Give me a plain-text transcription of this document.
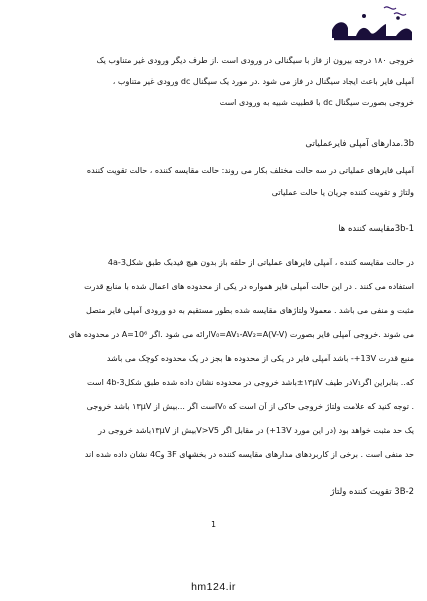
خروجی ۱۸۰ درجه بیرون از فاز با سیگنالی در ورودی است .از طرف دیگر ورودی غیر متناوب یک
آمپلی فایر باعث ایجاد سیگنال در فاز می شود .در مورد یک سیگنال dc ورودی غیر متناوب ،
خروجی بصورت سیگنال dc با قطبیت شبیه به ورودی است
3b.مدارهای آمپلی فایرعملیاتی
آمپلی فایرهای عملیاتی در سه حالت مختلف بکار می روند: حالت مقایسه کننده ، حالت تقویت کننده
ولتاژ و تقویت کننده جریان یا حالت عملیاتی
3b-1مقایسه کننده ها
در حالت مقایسه کننده ، آمپلی فایرهای عملیاتی از حلقه باز بدون هیچ فیدبک طبق شکل3-4a
استفاده می کنند . در این حالت آمپلی فایر همواره در یکی از محدوده های اعمال شده با منابع قدرت
مثبت و منفی می باشد . معمولا ولتاژهای مقایسه شده بطور مستقیم به دو ورودی آمپلی فایر متصل
می شوند .خروجی آمپلی فایر بصورت (V₀=AV₁-AV₂=A(V-Vارائه می شود .اگر A=10⁶ در محدوده های
منبع قدرت 13V+- باشد آمپلی فایر در یکی از محدوده ها بجز در یک محدوده کوچک می باشد
که.. بنابراین اگرV₁در طیف ۱۳μV±باشد خروجی در محدوده نشان داده شده طبق شکل3-4b است
. توجه کنید که علامت ولتاژ خروجی حاکی از آن است که V₀است اگر ...بیش از ۱۳μV باشد خروجی
یک حد مثبت خواهد بود (در این مورد 13V+) در مقابل اگر V>V5بیش از ۱۳μVباشد خروجی در
حد منفی است . برخی از کاربردهای مدارهای مقایسه کننده در بخشهای 3F و4C نشان داده شده اند
3B-2 تقویت کننده ولتاژ
1
hm124.ir
